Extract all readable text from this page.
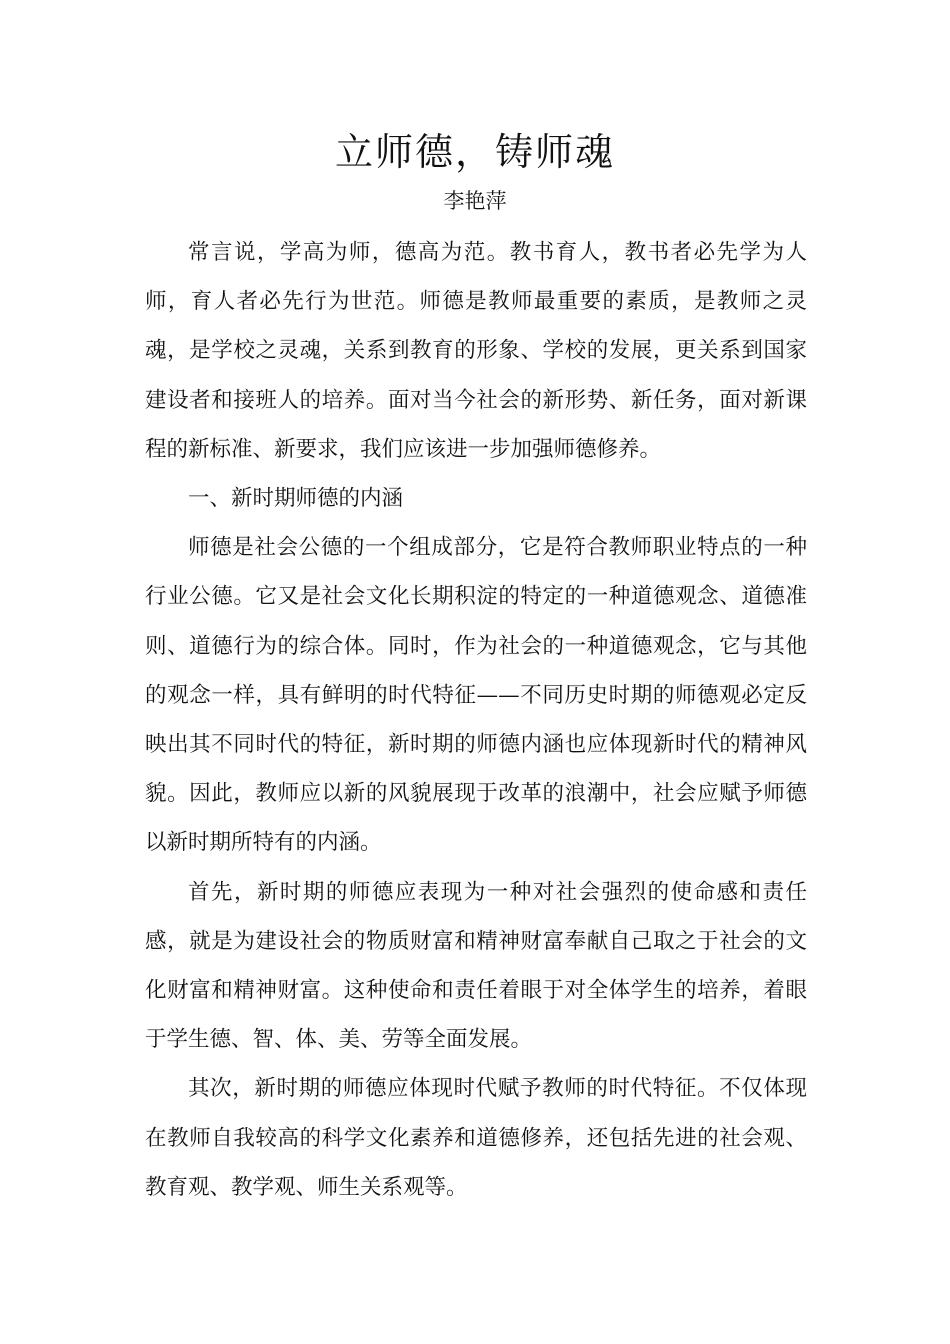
立师德，铸师魂
李艳萍

常言说，学高为师，德高为范。教书育人，教书者必先学为人师，育人者必先行为世范。师德是教师最重要的素质，是教师之灵魂，是学校之灵魂，关系到教育的形象、学校的发展，更关系到国家建设者和接班人的培养。面对当今社会的新形势、新任务，面对新课程的新标准、新要求，我们应该进一步加强师德修养。

一、新时期师德的内涵

师德是社会公德的一个组成部分，它是符合教师职业特点的一种行业公德。它又是社会文化长期积淀的特定的一种道德观念、道德准则、道德行为的综合体。同时，作为社会的一种道德观念，它与其他的观念一样，具有鲜明的时代特征——不同历史时期的师德观必定反映出其不同时代的特征，新时期的师德内涵也应体现新时代的精神风貌。因此，教师应以新的风貌展现于改革的浪潮中，社会应赋予师德以新时期所特有的内涵。

首先，新时期的师德应表现为一种对社会强烈的使命感和责任感，就是为建设社会的物质财富和精神财富奉献自己取之于社会的文化财富和精神财富。这种使命和责任着眼于对全体学生的培养，着眼于学生德、智、体、美、劳等全面发展。

其次，新时期的师德应体现时代赋予教师的时代特征。不仅体现在教师自我较高的科学文化素养和道德修养，还包括先进的社会观、教育观、教学观、师生关系观等。
